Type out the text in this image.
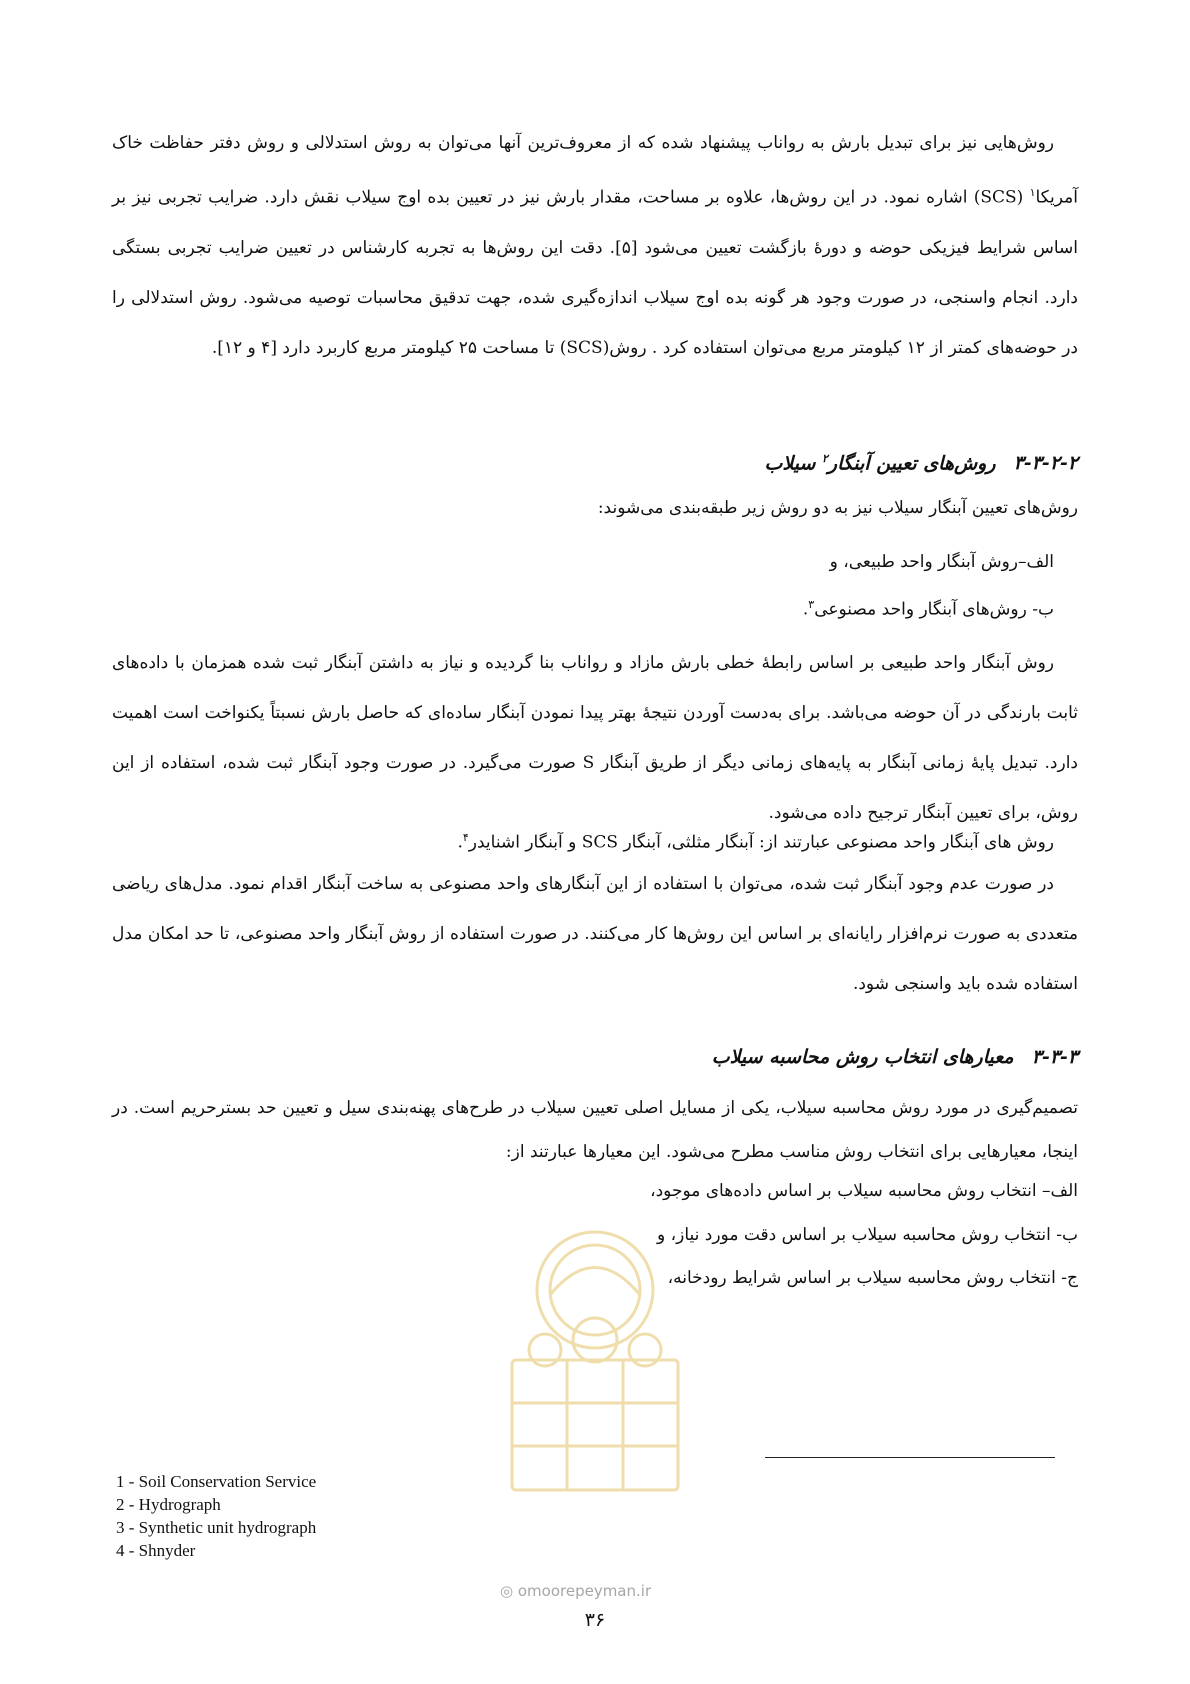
روش‌هایی نیز برای تبدیل بارش به رواناب پیشنهاد شده که از معروف‌ترین آنها می‌توان به روش استدلالی و روش دفتر حفاظت خاک آمریکا$^۱$ (SCS) اشاره نمود. در این روش‌ها، علاوه بر مساحت، مقدار بارش نیز در تعیین بده اوج سیلاب نقش دارد. ضرایب تجربی نیز بر اساس شرایط فیزیکی حوضه و دورهٔ بازگشت تعیین می‌شود [۵]. دقت این روش‌ها به تجربه کارشناس در تعیین ضرایب تجربی بستگی دارد. انجام واسنجی، در صورت وجود هر گونه بده اوج سیلاب اندازه‌گیری شده، جهت تدقیق محاسبات توصیه می‌شود. روش استدلالی را در حوضه‌های کمتر از ۱۲ کیلومتر مربع می‌توان استفاده کرد . روش(SCS) تا مساحت ۲۵ کیلومتر مربع کاربرد دارد [۴ و ۱۲].

۳-۳-۲-۲روش‌های تعیین آبنگار$^۲$ سیلاب
روش‌های تعیین آبنگار سیلاب نیز به دو روش زیر طبقه‌بندی می‌شوند:
الف–روش آبنگار واحد طبیعی، و
ب- روش‌های آبنگار واحد مصنوعی$^۳$.

روش آبنگار واحد طبیعی بر اساس رابطهٔ خطی بارش مازاد و رواناب بنا گردیده و نیاز به داشتن آبنگار ثبت شده همزمان با داده‌های ثابت بارندگی در آن حوضه می‌باشد. برای به‌دست آوردن نتیجهٔ بهتر پیدا نمودن آبنگار ساده‌ای که حاصل بارش نسبتاً یکنواخت است اهمیت دارد. تبدیل پایهٔ زمانی آبنگار به پایه‌های زمانی دیگر از طریق آبنگار S صورت می‌گیرد. در صورت وجود آبنگار ثبت شده، استفاده از این روش، برای تعیین آبنگار ترجیح داده می‌شود.

روش های آبنگار واحد مصنوعی عبارتند از: آبنگار مثلثی، آبنگار SCS و آبنگار اشنایدر$^۴$.

در صورت عدم وجود آبنگار ثبت شده، می‌توان با استفاده از این آبنگارهای واحد مصنوعی به ساخت آبنگار اقدام نمود. مدل‌های ریاضی متعددی به صورت نرم‌افزار رایانه‌ای بر اساس این روش‌ها کار می‌کنند. در صورت استفاده از روش آبنگار واحد مصنوعی، تا حد امکان مدل استفاده شده باید واسنجی شود.

۳-۳-۳معیارهای انتخاب روش محاسبه سیلاب

تصمیم‌گیری در مورد روش محاسبه سیلاب، یکی از مسایل اصلی تعیین سیلاب در طرح‌های پهنه‌بندی سیل و تعیین حد بسترحریم است. در اینجا، معیارهایی برای انتخاب روش مناسب مطرح می‌شود. این معیارها عبارتند از:

الف– انتخاب روش محاسبه سیلاب بر اساس داده‌های موجود،
ب- انتخاب روش محاسبه سیلاب بر اساس دقت مورد نیاز، و
ج- انتخاب روش محاسبه سیلاب بر اساس شرایط رودخانه،
◎ omoorepeyman.ir
1 - Soil Conservation Service
2 - Hydrograph
3 - Synthetic unit hydrograph
4 - Shnyder
۳۶
